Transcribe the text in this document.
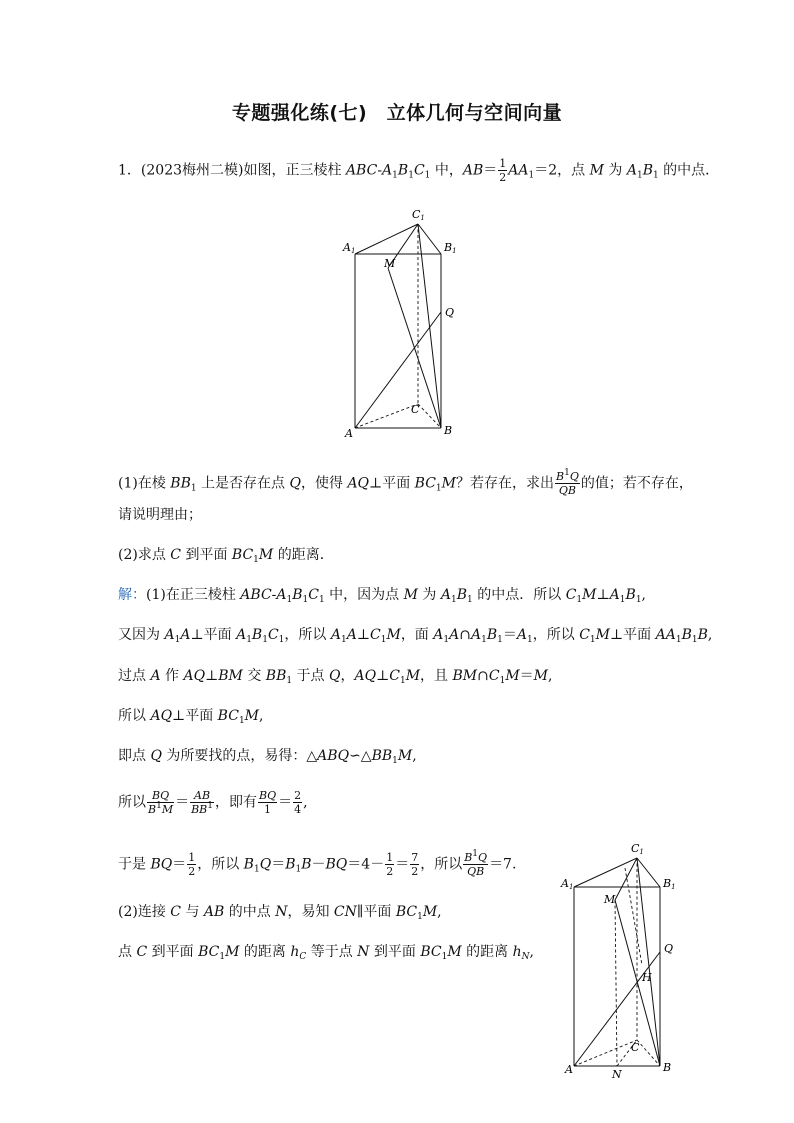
专题强化练(七)　立体几何与空间向量
1．(2023梅州二模)如图，正三棱柱 ABC-$A_1B_1C_1$ 中，$AB= \frac{1}{2} AA_1=2$，点 M 为 $A_1B_1$ 的中点．
C1
A1	B1
M
Q
C
A	B
(1)在棱 $BB_1$ 上是否存在点 Q，使得 AQ⊥平面 $BC_1M$？若存在，求出 $\frac{B^1Q}{QB}$ 的值；若不存在，
请说明理由；
(2)求点 C 到平面 $BC_1M$ 的距离．
解：(1)在正三棱柱 ABC-$A_1B_1C_1$ 中，因为点 M 为 $A_1B_1$ 的中点．所以 $C_1M\perp A_1B_1$,
又因为 $A_1A\perp$平面 $A_1B_1C_1$，所以 $A_1A\perp C_1M$，面 $A_1A\cap A_1B_1=A_1$，所以 $C_1M\perp$平面 $AA_1B_1B$,
过点 A 作 AQ⊥BM 交 $BB_1$ 于点 Q，$AQ\perp C_1M$，且 $BM\cap C_1M=M$,
所以 AQ⊥平面 $BC_1M$,
即点 Q 为所要找的点，易得：$\triangle ABQ∽\triangle BB_1M$,
所以 $\frac{BQ}{B^1M} = \frac{AB}{BB^1}$ ，即有 $\frac{BQ}{1} = \frac{2}{4}$ ,
于是 $BQ= \frac{1}{2}$ ，所以 $B_1Q=B_1B-BQ=4- \frac{1}{2} = \frac{7}{2}$ ，所以 $\frac{B^1Q}{QB} =7$.
(2)连接 C 与 AB 的中点 N，易知 CN∥平面 $BC_1M$,
点 C 到平面 $BC_1M$ 的距离 $h_C$ 等于点 N 到平面 $BC_1M$ 的距离 $h_N$,
C1
A1	B1
M
Q
H
C
A	N
B
